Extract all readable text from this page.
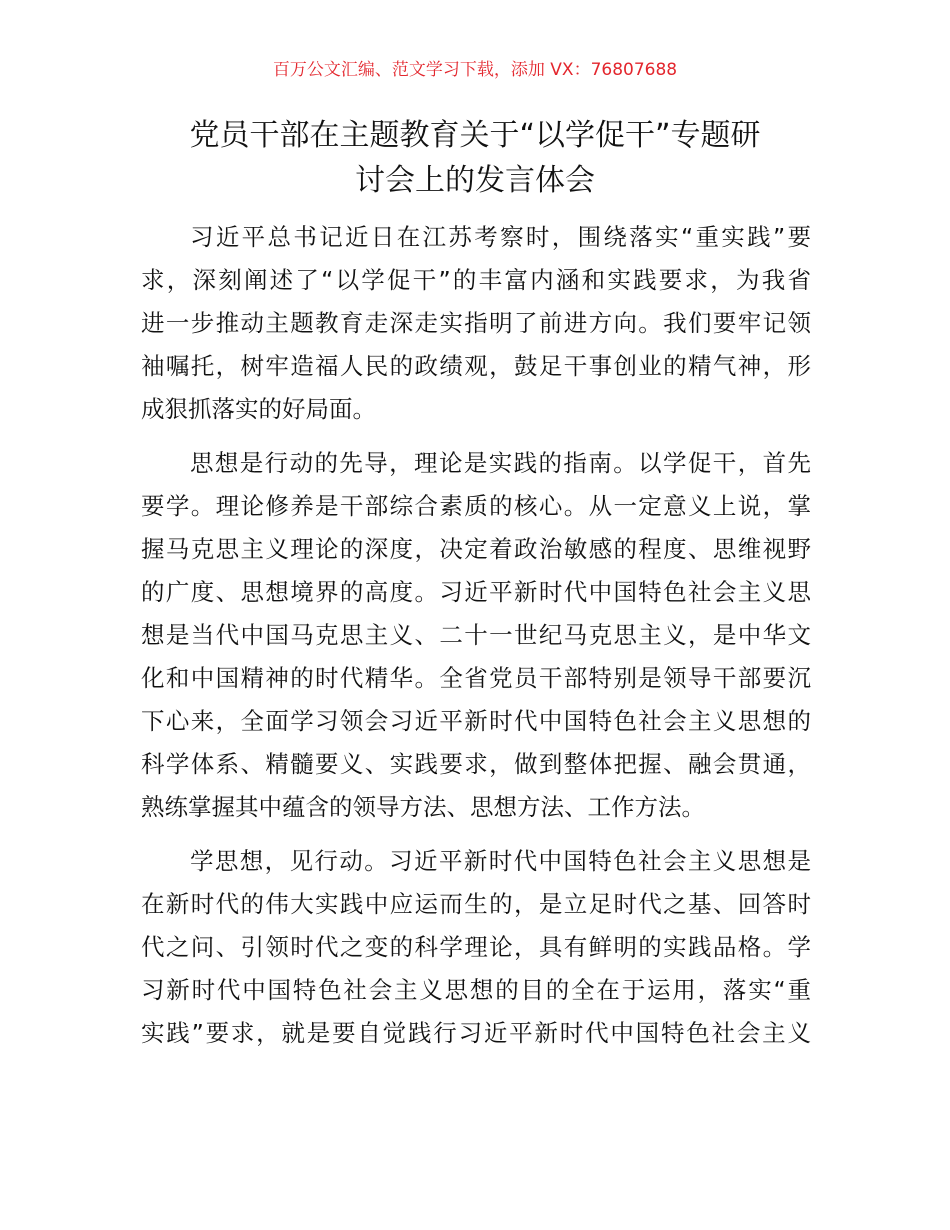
百万公文汇编、范文学习下载，添加 VX：76807688
党员干部在主题教育关于“以学促干”专题研
讨会上的发言体会
习近平总书记近日在江苏考察时，围绕落实“重实践”要
求，深刻阐述了“以学促干”的丰富内涵和实践要求，为我省
进一步推动主题教育走深走实指明了前进方向。我们要牢记领
袖嘱托，树牢造福人民的政绩观，鼓足干事创业的精气神，形
成狠抓落实的好局面。
思想是行动的先导，理论是实践的指南。以学促干，首先
要学。理论修养是干部综合素质的核心。从一定意义上说，掌
握马克思主义理论的深度，决定着政治敏感的程度、思维视野
的广度、思想境界的高度。习近平新时代中国特色社会主义思
想是当代中国马克思主义、二十一世纪马克思主义，是中华文
化和中国精神的时代精华。全省党员干部特别是领导干部要沉
下心来，全面学习领会习近平新时代中国特色社会主义思想的
科学体系、精髓要义、实践要求，做到整体把握、融会贯通，
熟练掌握其中蕴含的领导方法、思想方法、工作方法。
学思想，见行动。习近平新时代中国特色社会主义思想是
在新时代的伟大实践中应运而生的，是立足时代之基、回答时
代之问、引领时代之变的科学理论，具有鲜明的实践品格。学
习新时代中国特色社会主义思想的目的全在于运用，落实“重
实践”要求，就是要自觉践行习近平新时代中国特色社会主义
